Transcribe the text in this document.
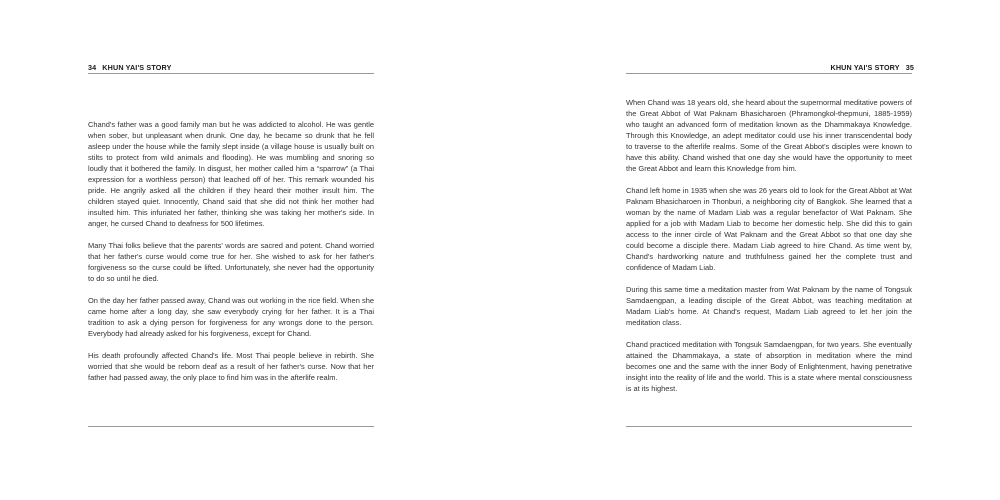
34 KHUN YAI'S STORY

Chand's father was a good family man but he was addicted to alcohol. He was gentle when sober, but unpleasant when drunk. One day, he became so drunk that he fell asleep under the house while the family slept inside (a village house is usually built on stilts to protect from wild animals and flooding). He was mumbling and snoring so loudly that it bothered the family. In disgust, her mother called him a “sparrow” (a Thai expression for a worthless person) that leached off of her. This remark wounded his pride. He angrily asked all the children if they heard their mother insult him. The children stayed quiet. Innocently, Chand said that she did not think her mother had insulted him. This infuriated her father, thinking she was taking her mother's side. In anger, he cursed Chand to deafness for 500 lifetimes.

Many Thai folks believe that the parents' words are sacred and potent. Chand worried that her father's curse would come true for her. She wished to ask for her father's forgiveness so the curse could be lifted. Unfortunately, she never had the opportunity to do so until he died.

On the day her father passed away, Chand was out working in the rice field. When she came home after a long day, she saw everybody crying for her father. It is a Thai tradition to ask a dying person for forgiveness for any wrongs done to the person. Everybody had already asked for his forgiveness, except for Chand.

His death profoundly affected Chand's life. Most Thai people believe in rebirth. She worried that she would be reborn deaf as a result of her father's curse. Now that her father had passed away, the only place to find him was in the afterlife realm.

KHUN YAI'S STORY 35

When Chand was 18 years old, she heard about the supernormal meditative powers of the Great Abbot of Wat Paknam Bhasicharoen (Phramongkol-thepmuni, 1885-1959) who taught an advanced form of meditation known as the Dhammakaya Knowledge. Through this Knowledge, an adept meditator could use his inner transcendental body to traverse to the afterlife realms. Some of the Great Abbot's disciples were known to have this ability. Chand wished that one day she would have the opportunity to meet the Great Abbot and learn this Knowledge from him.

Chand left home in 1935 when she was 26 years old to look for the Great Abbot at Wat Paknam Bhasicharoen in Thonburi, a neighboring city of Bangkok. She learned that a woman by the name of Madam Liab was a regular benefactor of Wat Paknam. She applied for a job with Madam Liab to become her domestic help. She did this to gain access to the inner circle of Wat Paknam and the Great Abbot so that one day she could become a disciple there. Madam Liab agreed to hire Chand. As time went by, Chand's hardworking nature and truthfulness gained her the complete trust and confidence of Madam Liab.

During this same time a meditation master from Wat Paknam by the name of Tongsuk Samdaengpan, a leading disciple of the Great Abbot, was teaching meditation at Madam Liab's home. At Chand's request, Madam Liab agreed to let her join the meditation class.

Chand practiced meditation with Tongsuk Samdaengpan, for two years. She eventually attained the Dhammakaya, a state of absorption in meditation where the mind becomes one and the same with the inner Body of Enlightenment, having penetrative insight into the reality of life and the world. This is a state where mental consciousness is at its highest.
